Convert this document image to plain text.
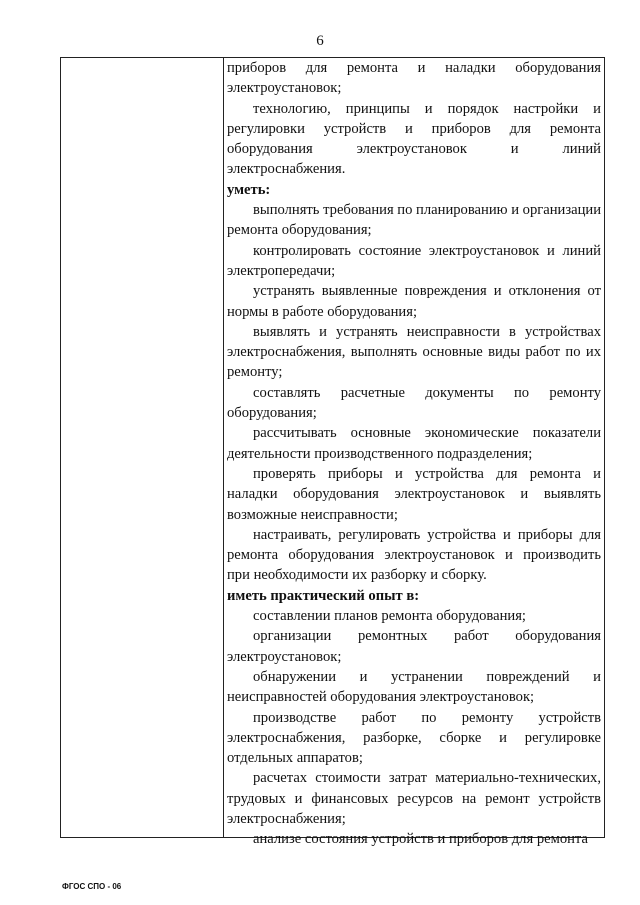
6

приборов для ремонта и наладки оборудования электроустановок;

технологию, принципы и порядок настройки и регулировки устройств и приборов для ремонта оборудования электроустановок и линий электроснабжения.

уметь:

выполнять требования по планированию и организации ремонта оборудования;

контролировать состояние электроустановок и линий электропередачи;

устранять выявленные повреждения и отклонения от нормы в работе оборудования;

выявлять и устранять неисправности в устройствах электроснабжения, выполнять основные виды работ по их ремонту;

составлять расчетные документы по ремонту оборудования;

рассчитывать основные экономические показатели деятельности производственного подразделения;

проверять приборы и устройства для ремонта и наладки оборудования электроустановок и выявлять возможные неисправности;

настраивать, регулировать устройства и приборы для ремонта оборудования электроустановок и производить при необходимости их разборку и сборку.

иметь практический опыт в:

составлении планов ремонта оборудования;

организации ремонтных работ оборудования электроустановок;

обнаружении и устранении повреждений и неисправностей оборудования электроустановок;

производстве работ по ремонту устройств электроснабжения, разборке, сборке и регулировке отдельных аппаратов;

расчетах стоимости затрат материально-технических, трудовых и финансовых ресурсов на ремонт устройств электроснабжения;

анализе состояния устройств и приборов для ремонта

ФГОС СПО - 06
